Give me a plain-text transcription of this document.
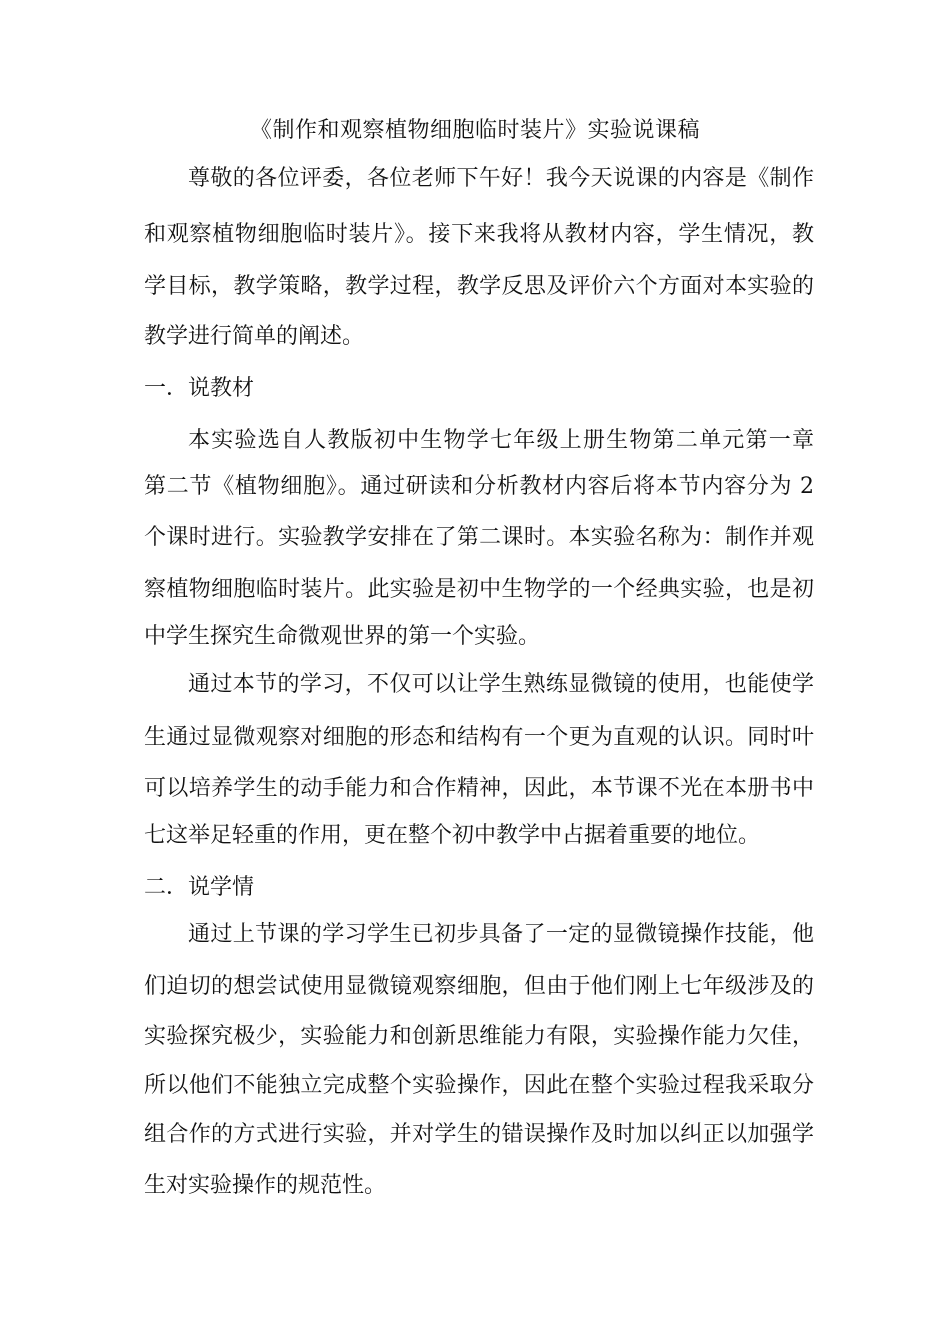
《制作和观察植物细胞临时装片》实验说课稿
尊敬的各位评委，各位老师下午好！我今天说课的内容是《制作
和观察植物细胞临时装片》。接下来我将从教材内容，学生情况，教
学目标，教学策略，教学过程，教学反思及评价六个方面对本实验的
教学进行简单的阐述。
一．说教材
本实验选自人教版初中生物学七年级上册生物第二单元第一章
第二节《植物细胞》。通过研读和分析教材内容后将本节内容分为 2
个课时进行。实验教学安排在了第二课时。本实验名称为：制作并观
察植物细胞临时装片。此实验是初中生物学的一个经典实验，也是初
中学生探究生命微观世界的第一个实验。
通过本节的学习，不仅可以让学生熟练显微镜的使用，也能使学
生通过显微观察对细胞的形态和结构有一个更为直观的认识。同时叶
可以培养学生的动手能力和合作精神，因此，本节课不光在本册书中
七这举足轻重的作用，更在整个初中教学中占据着重要的地位。
二．说学情
通过上节课的学习学生已初步具备了一定的显微镜操作技能，他
们迫切的想尝试使用显微镜观察细胞，但由于他们刚上七年级涉及的
实验探究极少，实验能力和创新思维能力有限，实验操作能力欠佳，
所以他们不能独立完成整个实验操作，因此在整个实验过程我采取分
组合作的方式进行实验，并对学生的错误操作及时加以纠正以加强学
生对实验操作的规范性。
